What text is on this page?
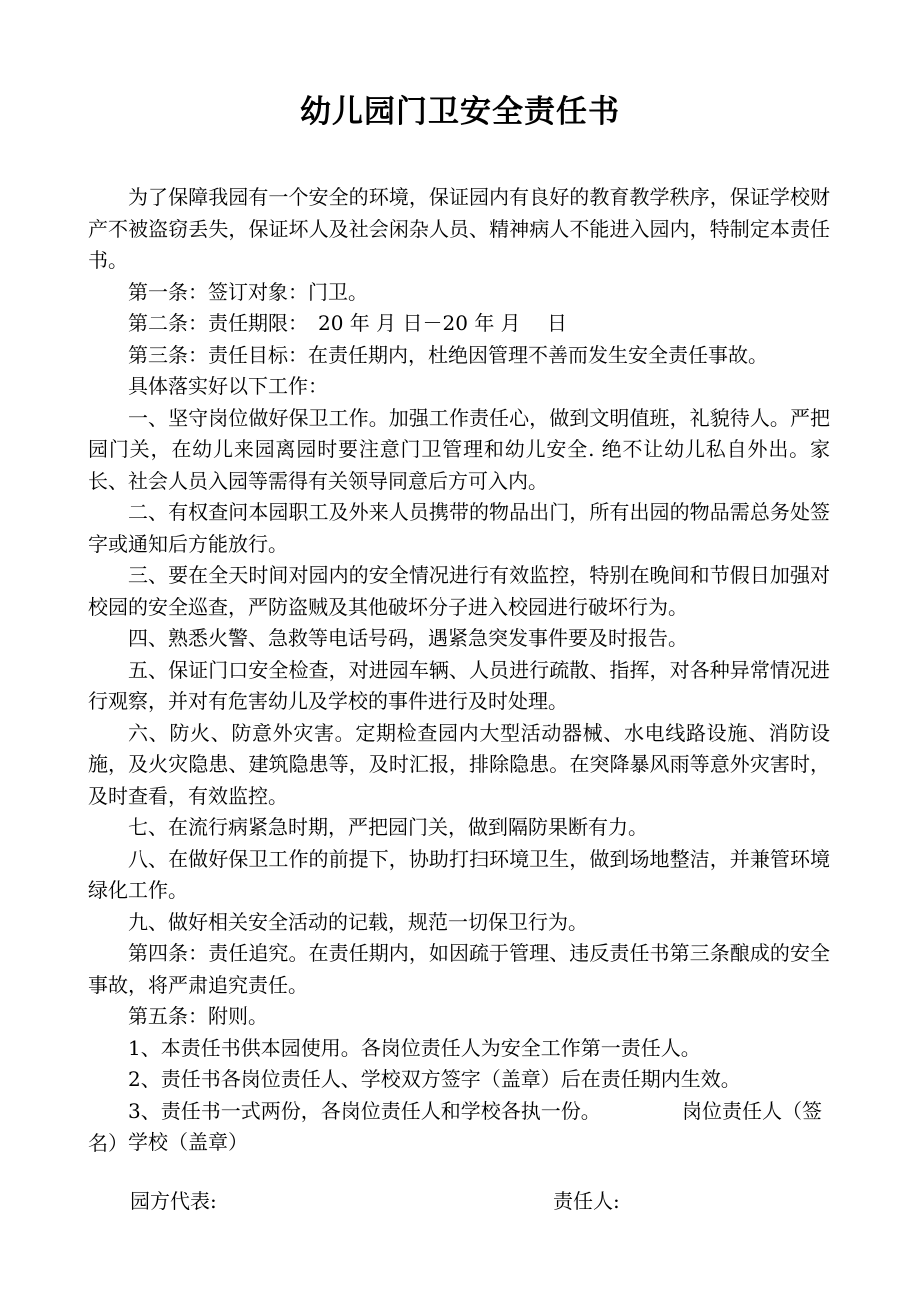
幼儿园门卫安全责任书

为了保障我园有一个安全的环境，保证园内有良好的教育教学秩序，保证学校财产不被盗窃丢失，保证坏人及社会闲杂人员、精神病人不能进入园内，特制定本责任书。

第一条：签订对象：门卫。

第二条：责任期限：　20 年 月 日－20 年 月　 日

第三条：责任目标：在责任期内，杜绝因管理不善而发生安全责任事故。

具体落实好以下工作：

一、坚守岗位做好保卫工作。加强工作责任心，做到文明值班，礼貌待人。严把园门关，在幼儿来园离园时要注意门卫管理和幼儿安全. 绝不让幼儿私自外出。家长、社会人员入园等需得有关领导同意后方可入内。

二、有权查问本园职工及外来人员携带的物品出门，所有出园的物品需总务处签字或通知后方能放行。

三、要在全天时间对园内的安全情况进行有效监控，特别在晚间和节假日加强对校园的安全巡查，严防盗贼及其他破坏分子进入校园进行破坏行为。

四、熟悉火警、急救等电话号码，遇紧急突发事件要及时报告。

五、保证门口安全检查，对进园车辆、人员进行疏散、指挥，对各种异常情况进行观察，并对有危害幼儿及学校的事件进行及时处理。

六、防火、防意外灾害。定期检查园内大型活动器械、水电线路设施、消防设施，及火灾隐患、建筑隐患等，及时汇报，排除隐患。在突降暴风雨等意外灾害时，及时查看，有效监控。

七、在流行病紧急时期，严把园门关，做到隔防果断有力。

八、在做好保卫工作的前提下，协助打扫环境卫生，做到场地整洁，并兼管环境绿化工作。

九、做好相关安全活动的记载，规范一切保卫行为。

第四条：责任追究。在责任期内，如因疏于管理、违反责任书第三条酿成的安全事故，将严肃追究责任。

第五条：附则。

1、本责任书供本园使用。各岗位责任人为安全工作第一责任人。

2、责任书各岗位责任人、学校双方签字（盖章）后在责任期内生效。

3、责任书一式两份，各岗位责任人和学校各执一份。

学校（盖章）

岗位责任人（签
名）
园方代表:	责任人:
